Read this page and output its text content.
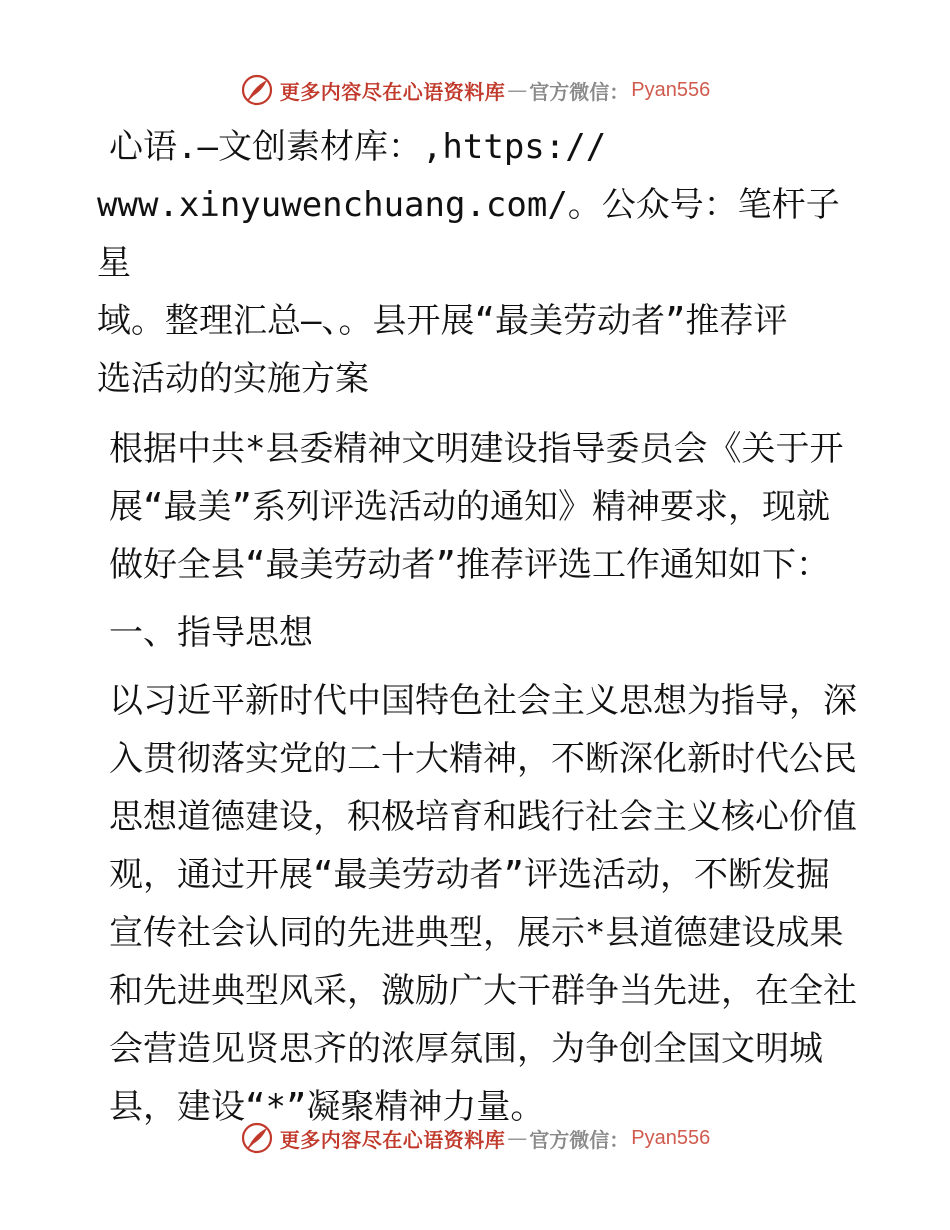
更多内容尽在心语资料库 — 官方微信： Pyan556

心语.—文创素材库：,https://

www.xinyuwenchuang.com/。公众号：笔杆子星

域。整理汇总—、。县开展“最美劳动者”推荐评

选活动的实施方案

根据中共*县委精神文明建设指导委员会《关于开展“最美”系列评选活动的通知》精神要求，现就做好全县“最美劳动者”推荐评选工作通知如下：

一、指导思想

以习近平新时代中国特色社会主义思想为指导，深入贯彻落实党的二十大精神，不断深化新时代公民思想道德建设，积极培育和践行社会主义核心价值观，通过开展“最美劳动者”评选活动，不断发掘宣传社会认同的先进典型，展示*县道德建设成果和先进典型风采，激励广大干群争当先进，在全社会营造见贤思齐的浓厚氛围，为争创全国文明城县，建设“*”凝聚精神力量。

更多内容尽在心语资料库 — 官方微信： Pyan556
